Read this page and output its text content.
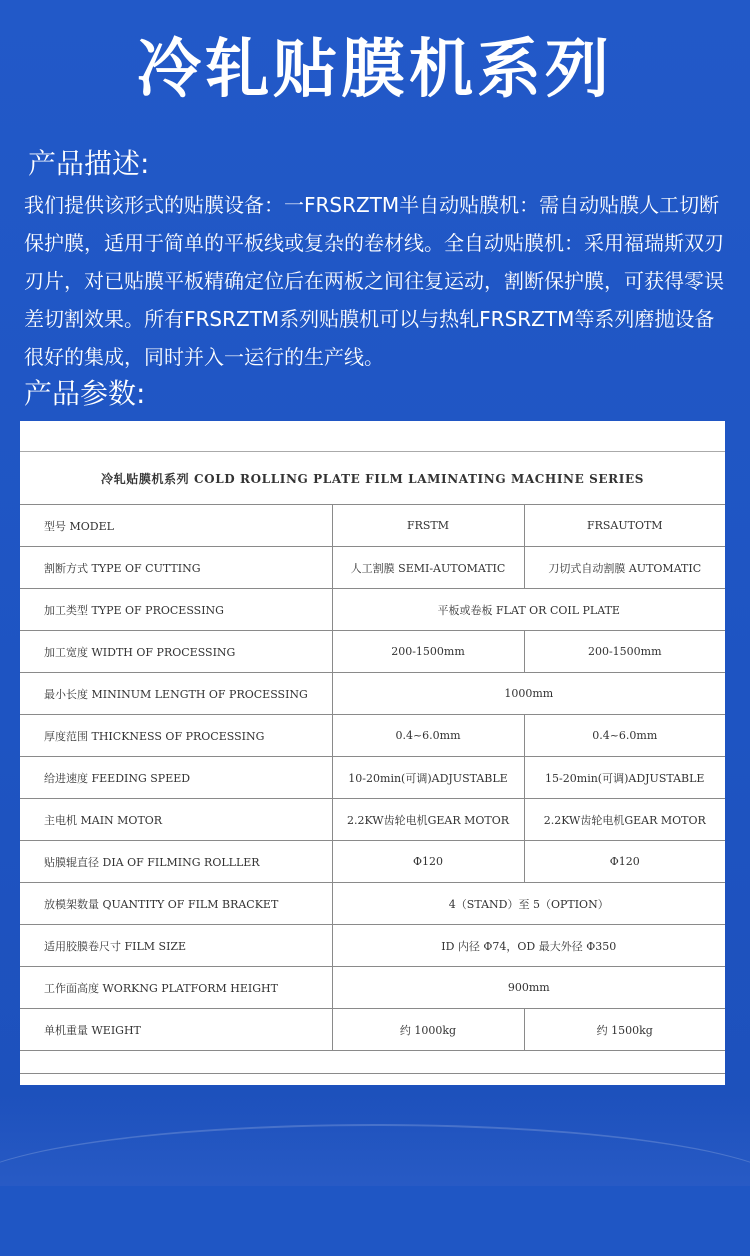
冷轧贴膜机系列
产品描述:

我们提供该形式的贴膜设备：一FRSRZTM半自动贴膜机：需自动贴膜人工切断保护膜，适用于简单的平板线或复杂的卷材线。全自动贴膜机：采用福瑞斯双刃刃片，对已贴膜平板精确定位后在两板之间往复运动，割断保护膜，可获得零误差切割效果。所有FRSRZTM系列贴膜机可以与热轧FRSRZTM等系列磨抛设备很好的集成，同时并入一运行的生产线。

产品参数:
冷轧贴膜机系列 COLD ROLLING PLATE FILM LAMINATING MACHINE SERIES		
型号 MODEL	FRSTM	FRSAUTOTM
割断方式 TYPE OF CUTTING	人工割膜 SEMI-AUTOMATIC	刀切式自动割膜 AUTOMATIC
加工类型 TYPE OF PROCESSING	平板或卷板 FLAT OR COIL PLATE	
加工宽度 WIDTH OF PROCESSING	200-1500mm	200-1500mm
最小长度 MININUM LENGTH OF PROCESSING	1000mm	
厚度范围 THICKNESS OF PROCESSING	0.4~6.0mm	0.4~6.0mm
给进速度 FEEDING SPEED	10-20min(可调)ADJUSTABLE	15-20min(可调)ADJUSTABLE
主电机 MAIN MOTOR	2.2KW齿轮电机GEAR MOTOR	2.2KW齿轮电机GEAR MOTOR
贴膜辊直径 DIA OF FILMING ROLLLER	Φ120	Φ120
放模架数量 QUANTITY OF FILM BRACKET	4（STAND）至 5（OPTION）	
适用胶膜卷尺寸 FILM SIZE	ID 内径 Φ74，OD 最大外径 Φ350	
工作面高度 WORKNG PLATFORM HEIGHT	900mm	
单机重量 WEIGHT	约 1000kg	约 1500kg
